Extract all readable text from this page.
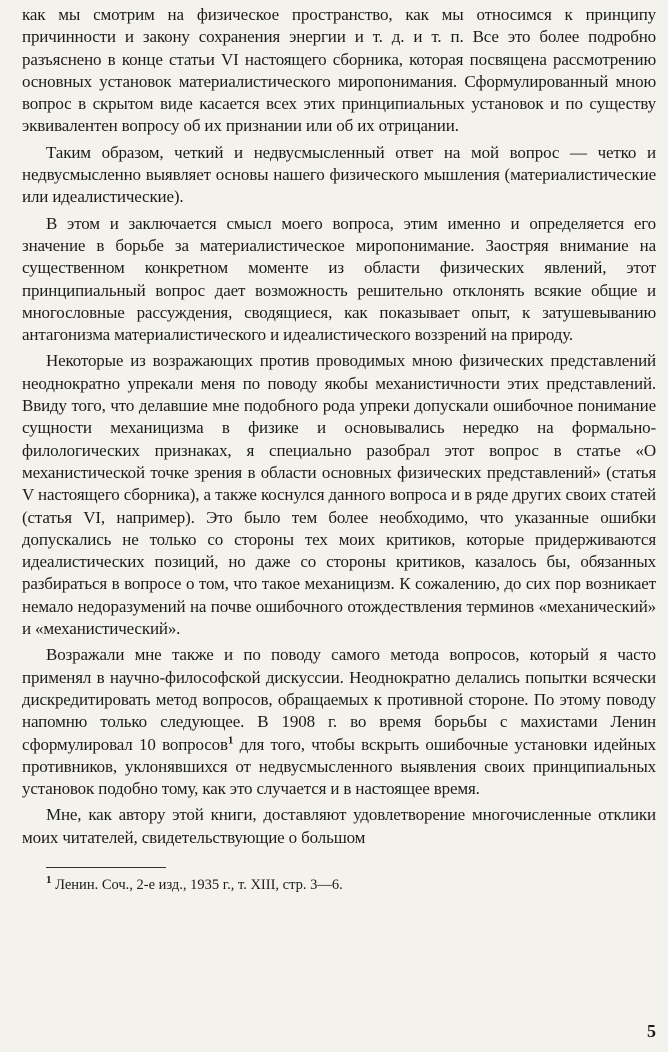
как мы смотрим на физическое пространство, как мы относимся к принципу причинности и закону сохранения энергии и т. д. и т. п. Все это более подробно разъяснено в конце статьи VI настоящего сборника, которая посвящена рассмотрению основных установок материалистического миропонимания. Сформулированный мною вопрос в скрытом виде касается всех этих принципиальных установок и по существу эквивалентен вопросу об их признании или об их отрицании.

Таким образом, четкий и недвусмысленный ответ на мой вопрос — четко и недвусмысленно выявляет основы нашего физического мышления (материалистические или идеалистические).

В этом и заключается смысл моего вопроса, этим именно и определяется его значение в борьбе за материалистическое миропонимание. Заостряя внимание на существенном конкретном моменте из области физических явлений, этот принципиальный вопрос дает возможность решительно отклонять всякие общие и многословные рассуждения, сводящиеся, как показывает опыт, к затушевыванию антагонизма материалистического и идеалистического воззрений на природу.

Некоторые из возражающих против проводимых мною физических представлений неоднократно упрекали меня по поводу якобы механистичности этих представлений. Ввиду того, что делавшие мне подобного рода упреки допускали ошибочное понимание сущности механицизма в физике и основывались нередко на формально-филологических признаках, я специально разобрал этот вопрос в статье «О механистической точке зрения в области основных физических представлений» (статья V настоящего сборника), а также коснулся данного вопроса и в ряде других своих статей (статья VI, например). Это было тем более необходимо, что указанные ошибки допускались не только со стороны тех моих критиков, которые придерживаются идеалистических позиций, но даже со стороны критиков, казалось бы, обязанных разбираться в вопросе о том, что такое механицизм. К сожалению, до сих пор возникает немало недоразумений на почве ошибочного отождествления терминов «механический» и «механистический».

Возражали мне также и по поводу самого метода вопросов, который я часто применял в научно-философской дискуссии. Неоднократно делались попытки всячески дискредитировать метод вопросов, обращаемых к противной стороне. По этому поводу напомню только следующее. В 1908 г. во время борьбы с махистами Ленин сформулировал 10 вопросов$^1$ для того, чтобы вскрыть ошибочные установки идейных противников, уклонявшихся от недвусмысленного выявления своих принципиальных установок подобно тому, как это случается и в настоящее время.

Мне, как автору этой книги, доставляют удовлетворение многочисленные отклики моих читателей, свидетельствующие о большом

$^1$ Ленин. Соч., 2-е изд., 1935 г., т. XIII, стр. 3—6.

5
